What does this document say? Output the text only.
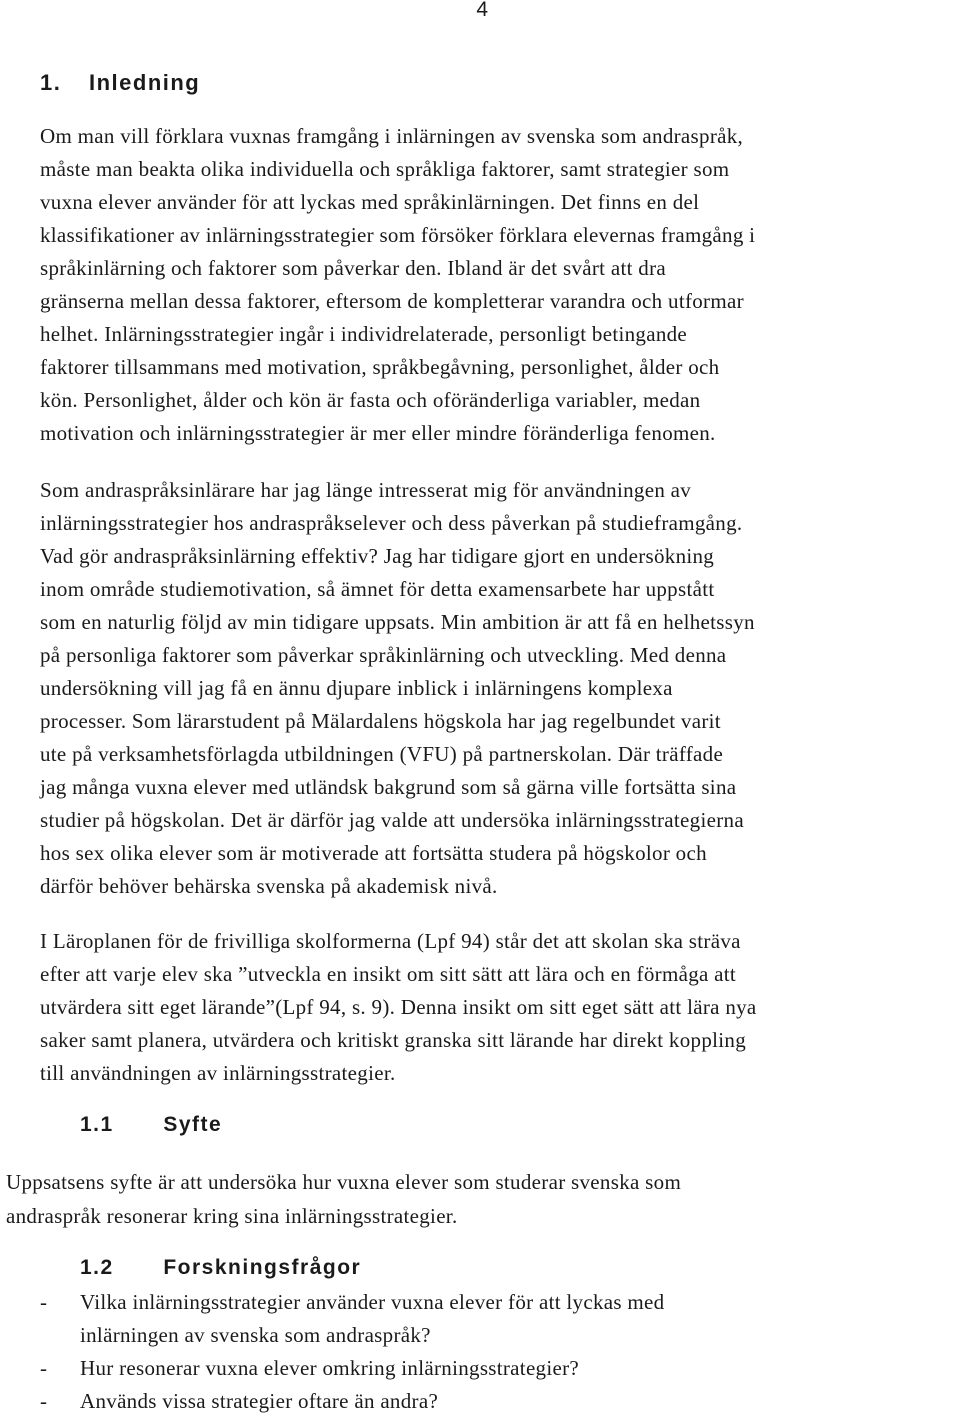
4
1. Inledning

Om man vill förklara vuxnas framgång i inlärningen av svenska som andraspråk,
måste man beakta olika individuella och språkliga faktorer, samt strategier som
vuxna elever använder för att lyckas med språkinlärningen. Det finns en del
klassifikationer av inlärningsstrategier som försöker förklara elevernas framgång i
språkinlärning och faktorer som påverkar den. Ibland är det svårt att dra
gränserna mellan dessa faktorer, eftersom de kompletterar varandra och utformar
helhet. Inlärningsstrategier ingår i individrelaterade, personligt betingande
faktorer tillsammans med motivation, språkbegåvning, personlighet, ålder och
kön. Personlighet, ålder och kön är fasta och oföränderliga variabler, medan
motivation och inlärningsstrategier är mer eller mindre föränderliga fenomen.

Som andraspråksinlärare har jag länge intresserat mig för användningen av
inlärningsstrategier hos andraspråkselever och dess påverkan på studieframgång.
Vad gör andraspråksinlärning effektiv? Jag har tidigare gjort en undersökning
inom område studiemotivation, så ämnet för detta examensarbete har uppstått
som en naturlig följd av min tidigare uppsats. Min ambition är att få en helhetssyn
på personliga faktorer som påverkar språkinlärning och utveckling. Med denna
undersökning vill jag få en ännu djupare inblick i inlärningens komplexa
processer. Som lärarstudent på Mälardalens högskola har jag regelbundet varit
ute på verksamhetsförlagda utbildningen (VFU) på partnerskolan. Där träffade
jag många vuxna elever med utländsk bakgrund som så gärna ville fortsätta sina
studier på högskolan. Det är därför jag valde att undersöka inlärningsstrategierna
hos sex olika elever som är motiverade att fortsätta studera på högskolor och
därför behöver behärska svenska på akademisk nivå.

I Läroplanen för de frivilliga skolformerna (Lpf 94) står det att skolan ska sträva
efter att varje elev ska ”utveckla en insikt om sitt sätt att lära och en förmåga att
utvärdera sitt eget lärande”(Lpf 94, s. 9). Denna insikt om sitt eget sätt att lära nya
saker samt planera, utvärdera och kritiskt granska sitt lärande har direkt koppling
till användningen av inlärningsstrategier.

1.1 Syfte

Uppsatsens syfte är att undersöka hur vuxna elever som studerar svenska som
andraspråk resonerar kring sina inlärningsstrategier.

1.2 Forskningsfrågor
- Vilka inlärningsstrategier använder vuxna elever för att lyckas med
inlärningen av svenska som andraspråk?
- Hur resonerar vuxna elever omkring inlärningsstrategier?
- Används vissa strategier oftare än andra?
